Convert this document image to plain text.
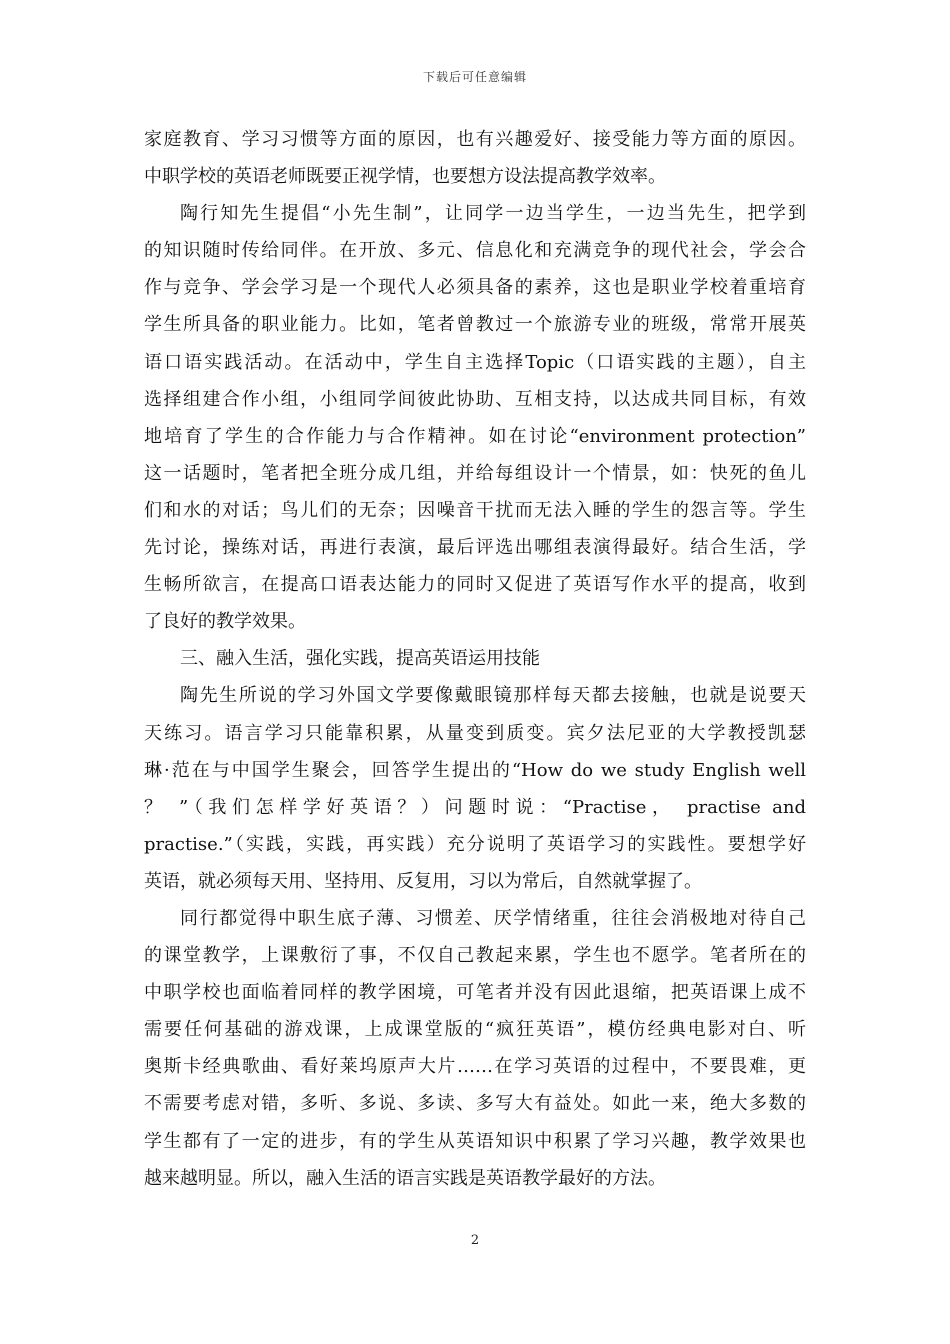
下载后可任意编辑
家庭教育、学习习惯等方面的原因，也有兴趣爱好、接受能力等方面的原因。
中职学校的英语老师既要正视学情，也要想方设法提高教学效率。
陶行知先生提倡“小先生制”，让同学一边当学生，一边当先生，把学到
的知识随时传给同伴。在开放、多元、信息化和充满竞争的现代社会，学会合
作与竞争、学会学习是一个现代人必须具备的素养，这也是职业学校着重培育
学生所具备的职业能力。比如，笔者曾教过一个旅游专业的班级，常常开展英
语口语实践活动。在活动中，学生自主选择Topic（口语实践的主题），自主
选择组建合作小组，小组同学间彼此协助、互相支持，以达成共同目标，有效
地培育了学生的合作能力与合作精神。如在讨论“environment protection”
这一话题时，笔者把全班分成几组，并给每组设计一个情景，如：快死的鱼儿
们和水的对话；鸟儿们的无奈；因噪音干扰而无法入睡的学生的怨言等。学生
先讨论，操练对话，再进行表演，最后评选出哪组表演得最好。结合生活，学
生畅所欲言，在提高口语表达能力的同时又促进了英语写作水平的提高，收到
了良好的教学效果。
三、融入生活，强化实践，提高英语运用技能
陶先生所说的学习外国文学要像戴眼镜那样每天都去接触，也就是说要天
天练习。语言学习只能靠积累，从量变到质变。宾夕法尼亚的大学教授凯瑟
琳·范在与中国学生聚会，回答学生提出的“How do we study English well
？ ”（我们怎样学好英语？）问题时说：“Practise， practise and
practise.”（实践，实践，再实践）充分说明了英语学习的实践性。要想学好
英语，就必须每天用、坚持用、反复用，习以为常后，自然就掌握了。
同行都觉得中职生底子薄、习惯差、厌学情绪重，往往会消极地对待自己
的课堂教学，上课敷衍了事，不仅自己教起来累，学生也不愿学。笔者所在的
中职学校也面临着同样的教学困境，可笔者并没有因此退缩，把英语课上成不
需要任何基础的游戏课，上成课堂版的“疯狂英语”，模仿经典电影对白、听
奥斯卡经典歌曲、看好莱坞原声大片……在学习英语的过程中，不要畏难，更
不需要考虑对错，多听、多说、多读、多写大有益处。如此一来，绝大多数的
学生都有了一定的进步，有的学生从英语知识中积累了学习兴趣，教学效果也
越来越明显。所以，融入生活的语言实践是英语教学最好的方法。
2
